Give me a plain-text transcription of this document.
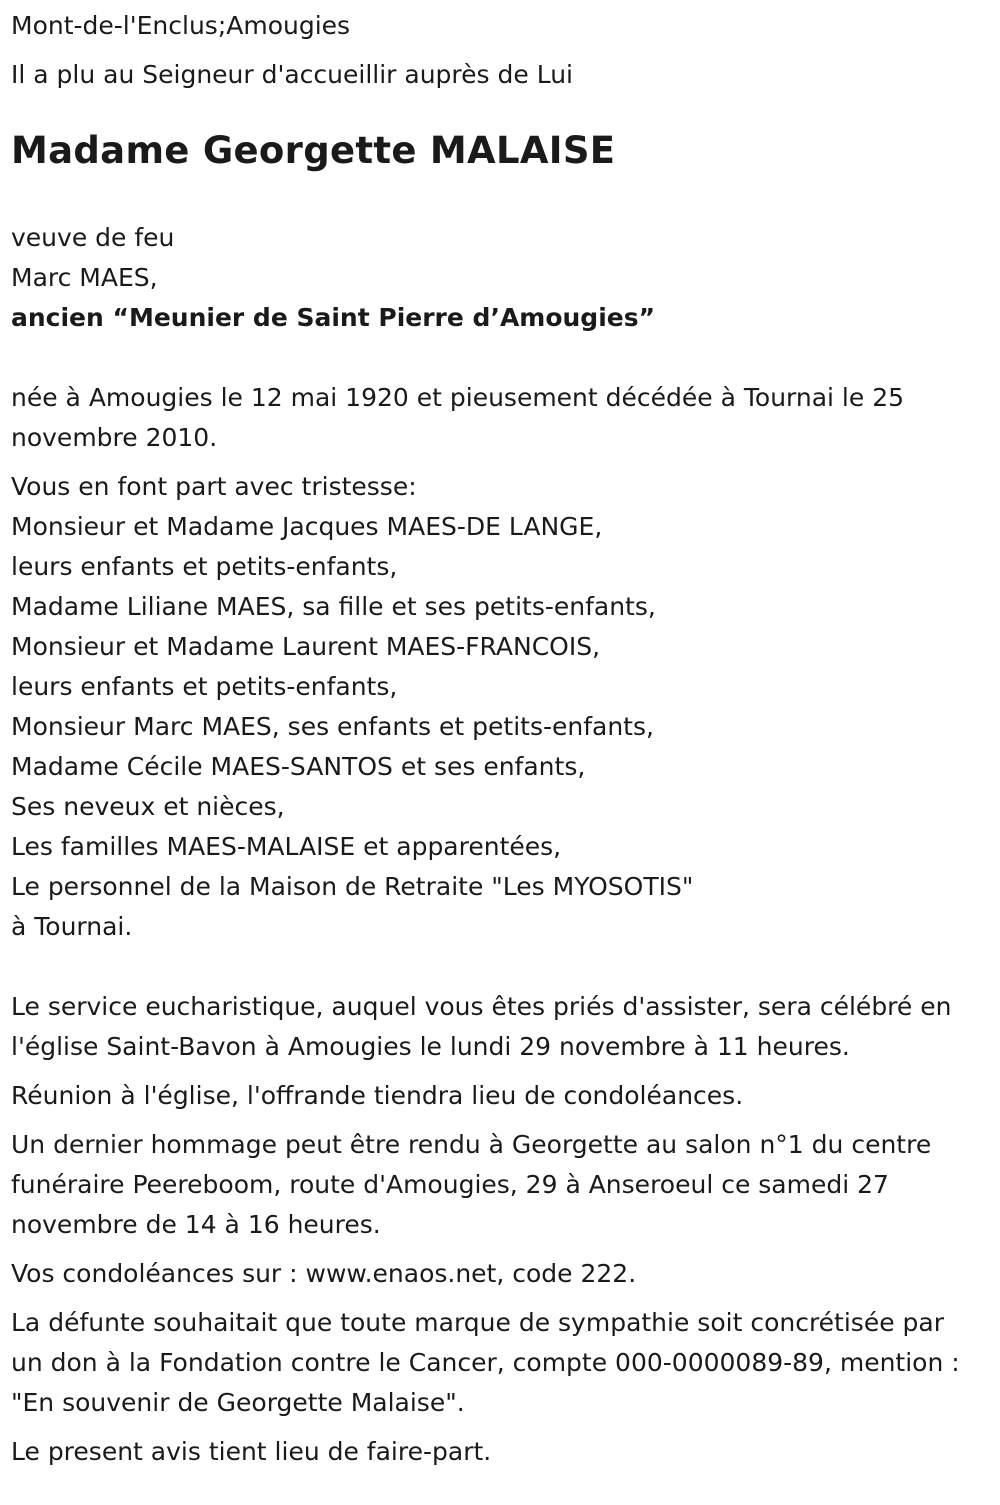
Mont-de-l'Enclus;Amougies

Il a plu au Seigneur d'accueillir auprès de Lui

Madame Georgette MALAISE

veuve de feu

Marc MAES,

ancien “Meunier de Saint Pierre d’Amougies”

née à Amougies le 12 mai 1920 et pieusement décédée à Tournai le 25 novembre 2010.

Vous en font part avec tristesse:

Monsieur et Madame Jacques MAES-DE LANGE,

leurs enfants et petits-enfants,

Madame Liliane MAES, sa fille et ses petits-enfants,

Monsieur et Madame Laurent MAES-FRANCOIS,

leurs enfants et petits-enfants,

Monsieur Marc MAES, ses enfants et petits-enfants,

Madame Cécile MAES-SANTOS et ses enfants,

Ses neveux et nièces,

Les familles MAES-MALAISE et apparentées,

Le personnel de la Maison de Retraite "Les MYOSOTIS"

à Tournai.

Le service eucharistique, auquel vous êtes priés d'assister, sera célébré en l'église Saint-Bavon à Amougies le lundi 29 novembre à 11 heures.

Réunion à l'église, l'offrande tiendra lieu de condoléances.

Un dernier hommage peut être rendu à Georgette au salon n°1 du centre funéraire Peereboom, route d'Amougies, 29 à Anseroeul ce samedi 27 novembre de 14 à 16 heures.

Vos condoléances sur : www.enaos.net, code 222.

La défunte souhaitait que toute marque de sympathie soit concrétisée par un don à la Fondation contre le Cancer, compte 000-0000089-89, mention : "En souvenir de Georgette Malaise".

Le present avis tient lieu de faire-part.
